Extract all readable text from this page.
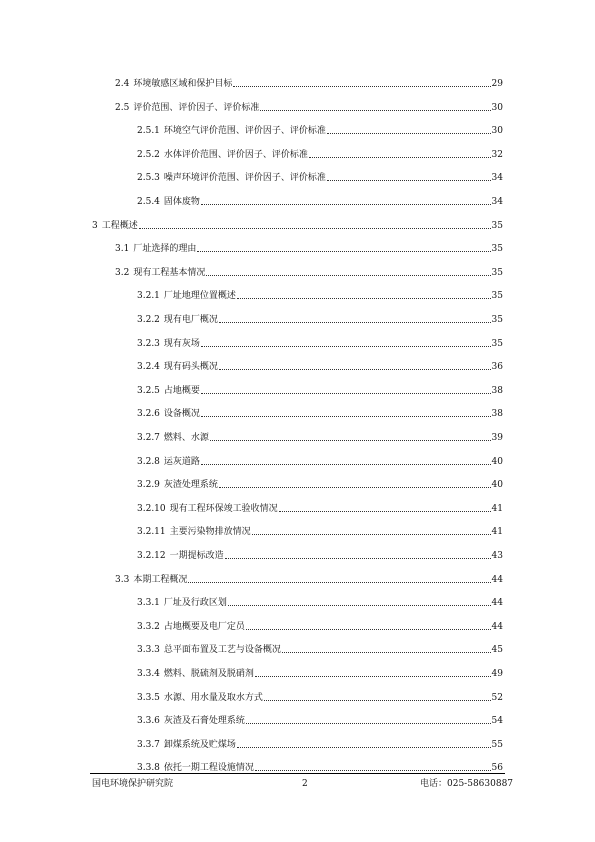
2.4 环境敏感区域和保护目标	29
2.5 评价范围、评价因子、评价标准	30
2.5.1 环境空气评价范围、评价因子、评价标准	30
2.5.2 水体评价范围、评价因子、评价标准	32
2.5.3 噪声环境评价范围、评价因子、评价标准	34
2.5.4 固体废物	34
3 工程概述	35
3.1 厂址选择的理由	35
3.2 现有工程基本情况	35
3.2.1 厂址地理位置概述	35
3.2.2 现有电厂概况	35
3.2.3 现有灰场	35
3.2.4 现有码头概况	36
3.2.5 占地概要	38
3.2.6 设备概况	38
3.2.7 燃料、水源	39
3.2.8 运灰道路	40
3.2.9 灰渣处理系统	40
3.2.10 现有工程环保竣工验收情况	41
3.2.11 主要污染物排放情况	41
3.2.12 一期提标改造	43
3.3 本期工程概况	44
3.3.1 厂址及行政区划	44
3.3.2 占地概要及电厂定员	44
3.3.3 总平面布置及工艺与设备概况	45
3.3.4 燃料、脱硫剂及脱硝剂	49
3.3.5 水源、用水量及取水方式	52
3.3.6 灰渣及石膏处理系统	54
3.3.7 卸煤系统及贮煤场	55
3.3.8 依托一期工程设施情况	56
国电环境保护研究院	2	电话：025-58630887
